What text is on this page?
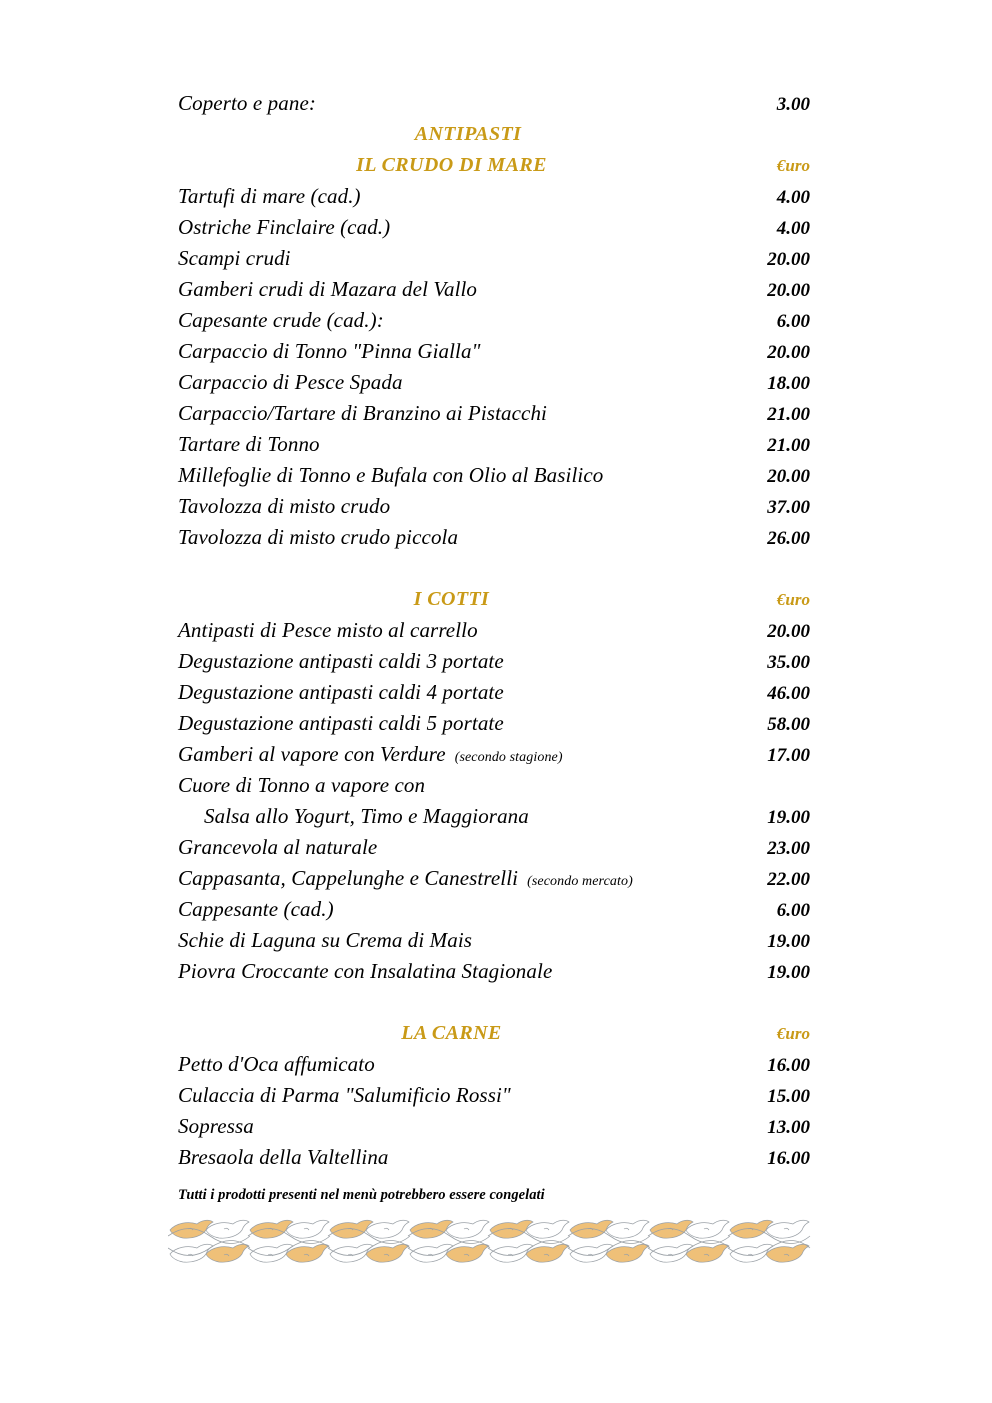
Coperto e pane:	3.00
ANTIPASTI
IL CRUDO DI MARE	€uro
Tartufi di mare (cad.)	4.00
Ostriche Finclaire (cad.)	4.00
Scampi crudi	20.00
Gamberi crudi di Mazara del Vallo	20.00
Capesante crude (cad.):	6.00
Carpaccio di Tonno "Pinna Gialla"	20.00
Carpaccio di Pesce Spada	18.00
Carpaccio/Tartare di Branzino ai Pistacchi	21.00
Tartare di Tonno	21.00
Millefoglie di Tonno e Bufala con Olio al Basilico	20.00
Tavolozza di misto crudo	37.00
Tavolozza di misto crudo piccola	26.00
I COTTI	€uro
Antipasti di Pesce misto al carrello	20.00
Degustazione antipasti caldi 3 portate	35.00
Degustazione antipasti caldi 4 portate	46.00
Degustazione antipasti caldi 5 portate	58.00
Gamberi al vapore con Verdure (secondo stagione)	17.00
Cuore di Tonno a vapore con
Salsa allo Yogurt, Timo e Maggiorana	19.00
Grancevola al naturale	23.00
Cappasanta, Cappelunghe e Canestrelli (secondo mercato)	22.00
Cappesante (cad.)	6.00
Schie di Laguna su Crema di Mais	19.00
Piovra Croccante con Insalatina Stagionale	19.00
LA CARNE	€uro
Petto d'Oca affumicato	16.00
Culaccia di Parma "Salumificio Rossi"	15.00
Sopressa	13.00
Bresaola della Valtellina	16.00
Tutti i prodotti presenti nel menù potrebbero essere congelati
